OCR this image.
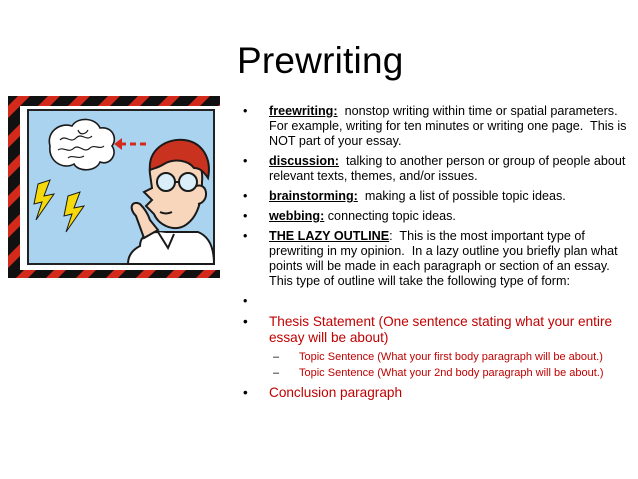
Prewriting
• freewriting:  nonstop writing within time or spatial parameters.  For example, writing for ten minutes or writing one page.  This is NOT part of your essay.
• discussion:  talking to another person or group of people about relevant texts, themes, and/or issues.
• brainstorming:  making a list of possible topic ideas.
• webbing: connecting topic ideas.
• THE LAZY OUTLINE:  This is the most important type of prewriting in my opinion.  In a lazy outline you briefly plan what points will be made in each paragraph or section of an essay.  This type of outline will take the following type of form:
•
• Thesis Statement (One sentence stating what your entire essay will be about)
– Topic Sentence (What your first body paragraph will be about.)
– Topic Sentence (What your 2nd body paragraph will be about.)
• Conclusion paragraph
